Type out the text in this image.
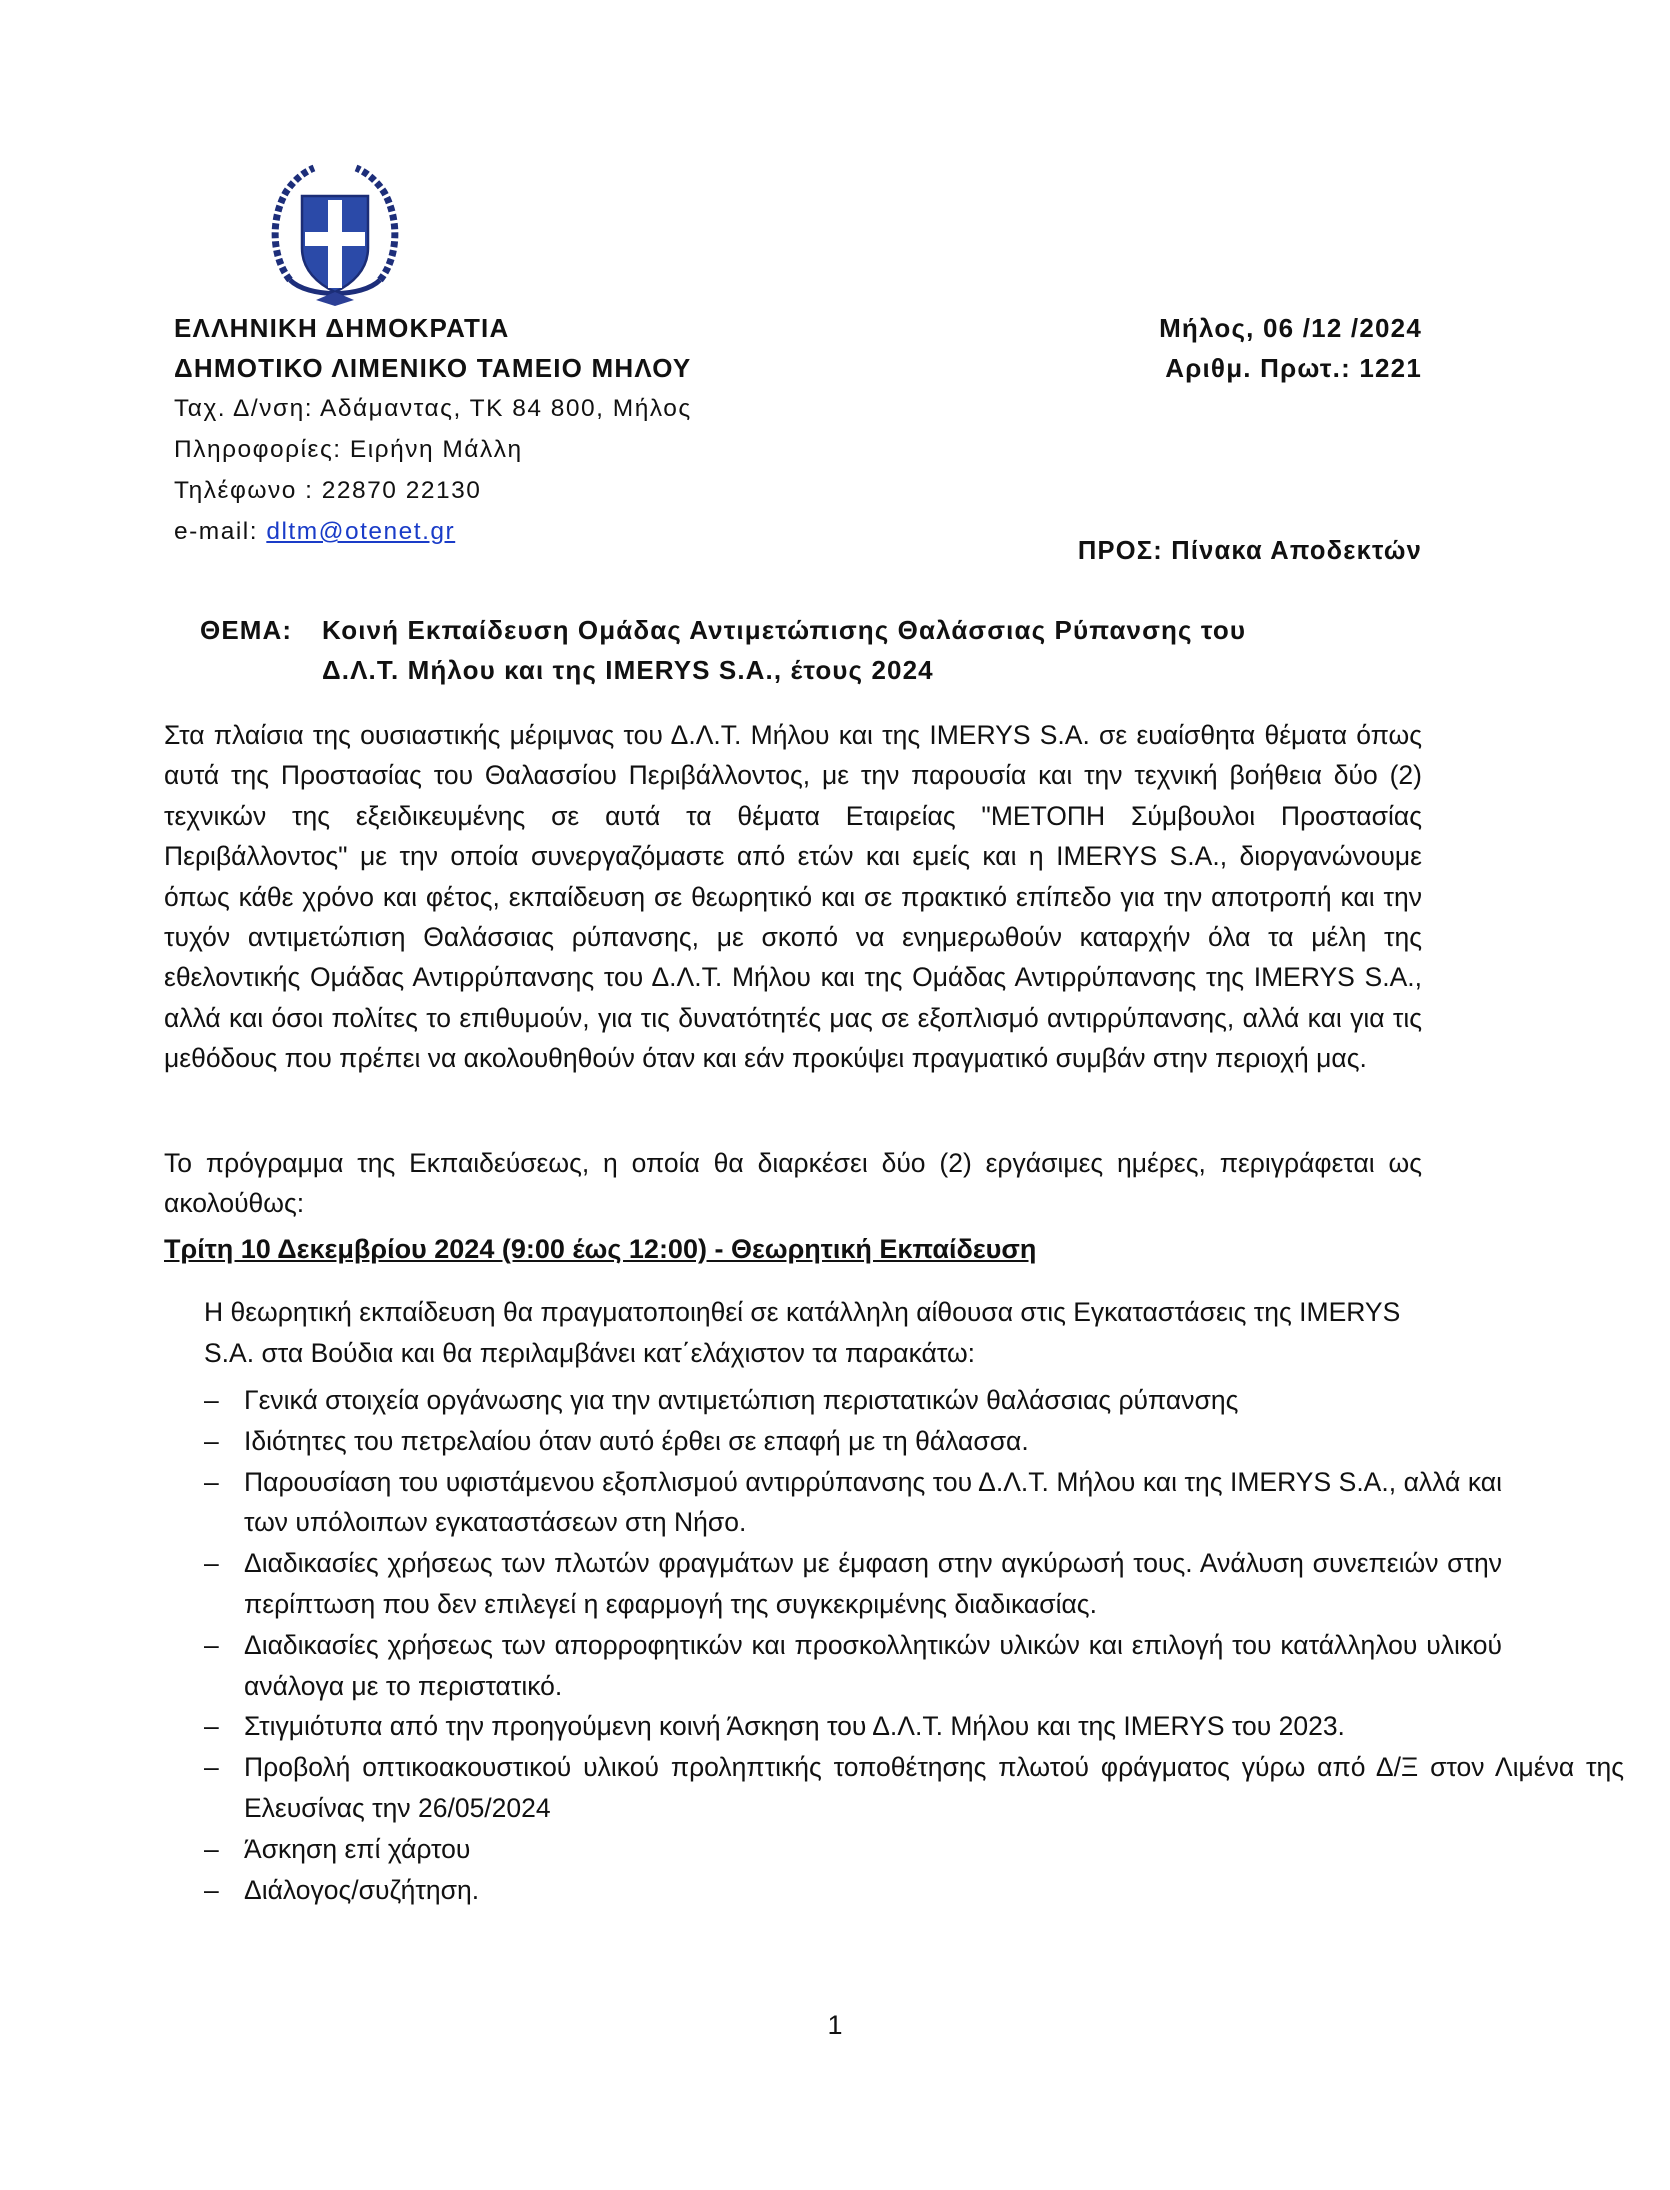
ΕΛΛΗΝΙΚΗ ΔΗΜΟΚΡΑΤΙΑ
ΔΗΜΟΤΙΚΟ ΛΙΜΕΝΙΚΟ ΤΑΜΕΙΟ ΜΗΛΟΥ
Ταχ. Δ/νση: Αδάμαντας, ΤΚ 84 800, Μήλος
Πληροφορίες: Ειρήνη Μάλλη
Τηλέφωνο : 22870 22130
e-mail: dltm@otenet.gr
Μήλος, 06 /12 /2024
Αριθμ. Πρωτ.: 1221
ΠΡΟΣ: Πίνακα Αποδεκτών
ΘΕΜΑ: Κοινή Εκπαίδευση Ομάδας Αντιμετώπισης Θαλάσσιας Ρύπανσης του
Δ.Λ.Τ. Μήλου και της IMERYS S.A., έτους 2024
Στα πλαίσια της ουσιαστικής μέριμνας του Δ.Λ.Τ. Μήλου και της IMERYS S.A. σε ευαίσθητα θέματα όπως αυτά της Προστασίας του Θαλασσίου Περιβάλλοντος, με την παρουσία και την τεχνική βοήθεια δύο (2) τεχνικών της εξειδικευμένης σε αυτά τα θέματα Εταιρείας "ΜΕΤΟΠΗ Σύμβουλοι Προστασίας Περιβάλλοντος" με την οποία συνεργαζόμαστε από ετών και εμείς και η IMERYS S.A., διοργανώνουμε όπως κάθε χρόνο και φέτος, εκπαίδευση σε θεωρητικό και σε πρακτικό επίπεδο για την αποτροπή και την τυχόν αντιμετώπιση Θαλάσσιας ρύπανσης, με σκοπό να ενημερωθούν καταρχήν όλα τα μέλη της εθελοντικής Ομάδας Αντιρρύπανσης του Δ.Λ.Τ. Μήλου και της Ομάδας Αντιρρύπανσης της IMERYS S.A., αλλά και όσοι πολίτες το επιθυμούν, για τις δυνατότητές μας σε εξοπλισμό αντιρρύπανσης, αλλά και για τις μεθόδους που πρέπει να ακολουθηθούν όταν και εάν προκύψει πραγματικό συμβάν στην περιοχή μας.
Το πρόγραμμα της Εκπαιδεύσεως, η οποία θα διαρκέσει δύο (2) εργάσιμες ημέρες, περιγράφεται ως ακολούθως:
Τρίτη 10 Δεκεμβρίου 2024 (9:00 έως 12:00) - Θεωρητική Εκπαίδευση
Η θεωρητική εκπαίδευση θα πραγματοποιηθεί σε κατάλληλη αίθουσα στις Εγκαταστάσεις της IMERYS S.A. στα Βούδια και θα περιλαμβάνει κατ΄ελάχιστον τα παρακάτω:
– Γενικά στοιχεία οργάνωσης για την αντιμετώπιση περιστατικών θαλάσσιας ρύπανσης
– Ιδιότητες του πετρελαίου όταν αυτό έρθει σε επαφή με τη θάλασσα.
– Παρουσίαση του υφιστάμενου εξοπλισμού αντιρρύπανσης του Δ.Λ.Τ. Μήλου και της IMERYS S.A., αλλά και των υπόλοιπων εγκαταστάσεων στη Νήσο.
– Διαδικασίες χρήσεως των πλωτών φραγμάτων με έμφαση στην αγκύρωσή τους. Ανάλυση συνεπειών στην περίπτωση που δεν επιλεγεί η εφαρμογή της συγκεκριμένης διαδικασίας.
– Διαδικασίες χρήσεως των απορροφητικών και προσκολλητικών υλικών και επιλογή του κατάλληλου υλικού ανάλογα με το περιστατικό.
– Στιγμιότυπα από την προηγούμενη κοινή Άσκηση του Δ.Λ.Τ. Μήλου και της IMERYS του 2023.
– Προβολή οπτικοακουστικού υλικού προληπτικής τοποθέτησης πλωτού φράγματος γύρω από Δ/Ξ στον Λιμένα της Ελευσίνας την 26/05/2024
– Άσκηση επί χάρτου
– Διάλογος/συζήτηση.
1
